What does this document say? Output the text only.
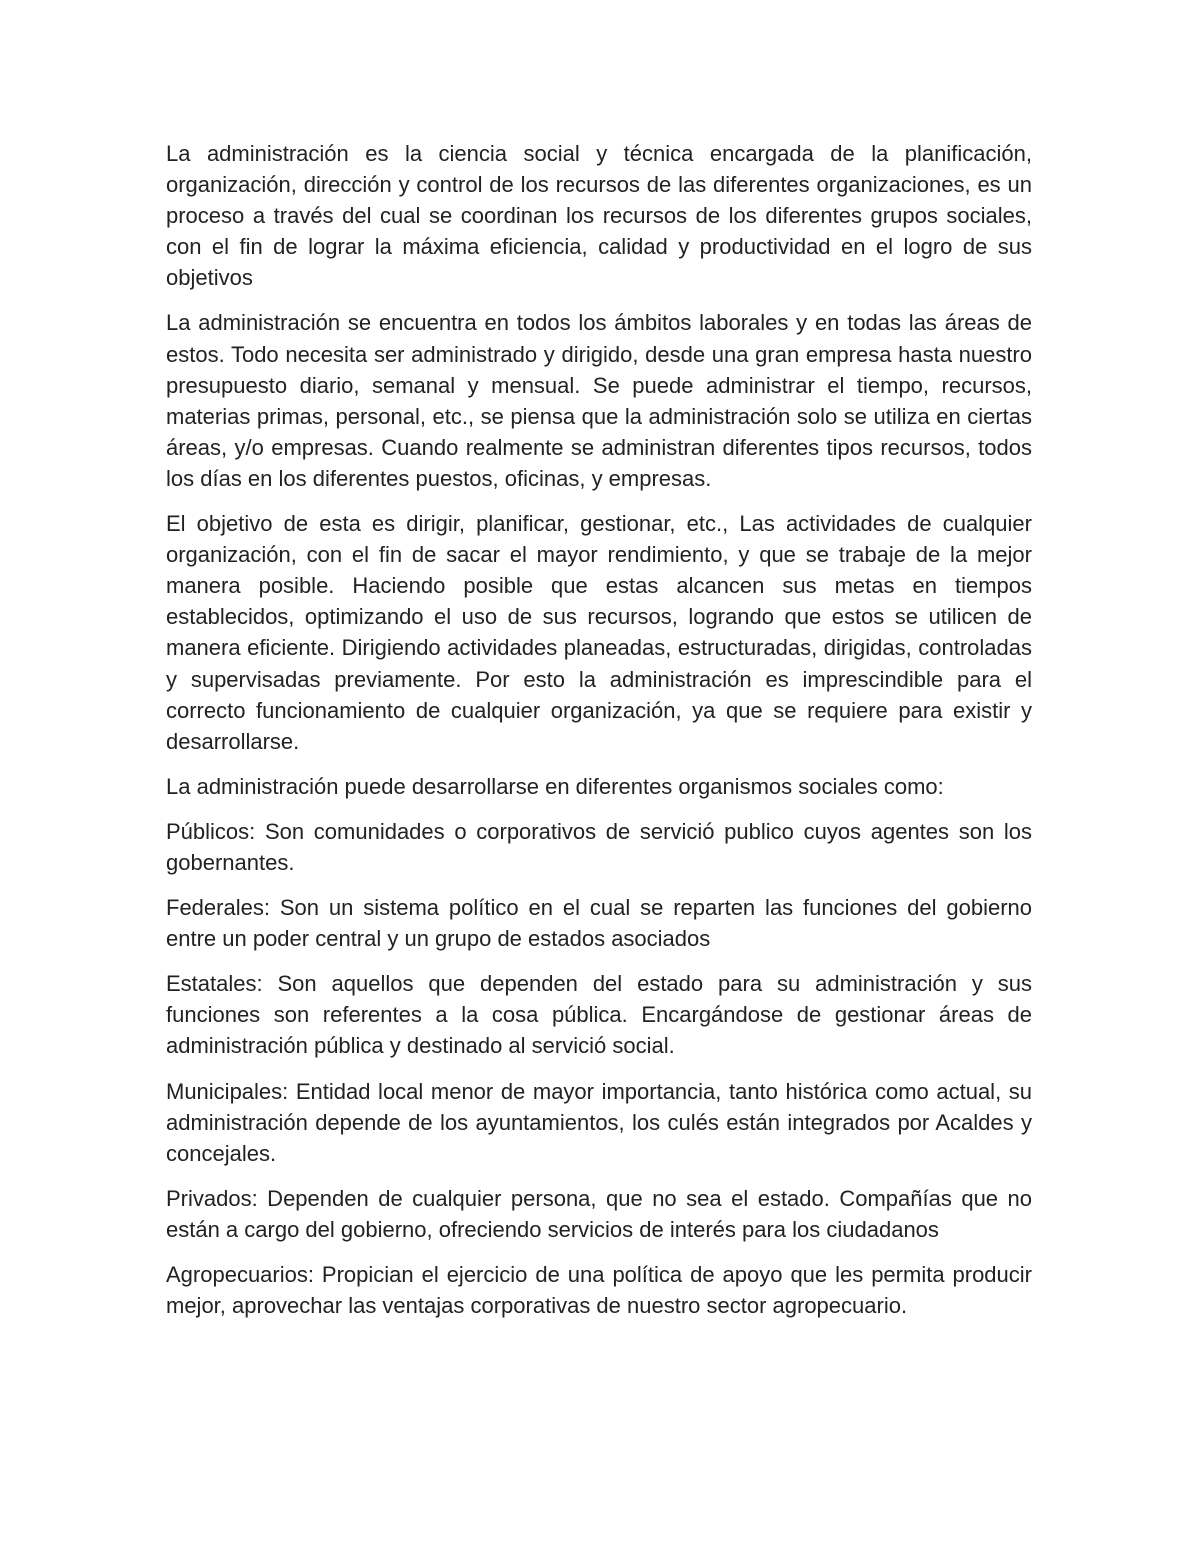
La administración es la ciencia social y técnica encargada de la planificación, organización, dirección y control de los recursos de las diferentes organizaciones, es un proceso a través del cual se coordinan los recursos de los diferentes grupos sociales, con el fin de lograr la máxima eficiencia, calidad y productividad en el logro de sus objetivos

La administración se encuentra en todos los ámbitos laborales y en todas las áreas de estos. Todo necesita ser administrado y dirigido, desde una gran empresa hasta nuestro presupuesto diario, semanal y mensual. Se puede administrar el tiempo, recursos, materias primas, personal, etc., se piensa que la administración solo se utiliza en ciertas áreas, y/o empresas. Cuando realmente se administran diferentes tipos recursos, todos los días en los diferentes puestos, oficinas, y empresas.

El objetivo de esta es dirigir, planificar, gestionar, etc., Las actividades de cualquier organización, con el fin de sacar el mayor rendimiento, y que se trabaje de la mejor manera posible. Haciendo posible que estas alcancen sus metas en tiempos establecidos, optimizando el uso de sus recursos, logrando que estos se utilicen de manera eficiente. Dirigiendo actividades planeadas, estructuradas, dirigidas, controladas y supervisadas previamente. Por esto la administración es imprescindible para el correcto funcionamiento de cualquier organización, ya que se requiere para existir y desarrollarse.

La administración puede desarrollarse en diferentes organismos sociales como:

Públicos: Son comunidades o corporativos de servició publico cuyos agentes son los gobernantes.

Federales: Son un sistema político en el cual se reparten las funciones del gobierno entre un poder central y un grupo de estados asociados

Estatales: Son aquellos que dependen del estado para su administración y sus funciones son referentes a la cosa pública. Encargándose de gestionar áreas de administración pública y destinado al servició social.

Municipales: Entidad local menor de mayor importancia, tanto histórica como actual, su administración depende de los ayuntamientos, los culés están integrados por Acaldes y concejales.

Privados: Dependen de cualquier persona, que no sea el estado. Compañías que no están a cargo del gobierno, ofreciendo servicios de interés para los ciudadanos

Agropecuarios: Propician el ejercicio de una política de apoyo que les permita producir mejor, aprovechar las ventajas corporativas de nuestro sector agropecuario.
